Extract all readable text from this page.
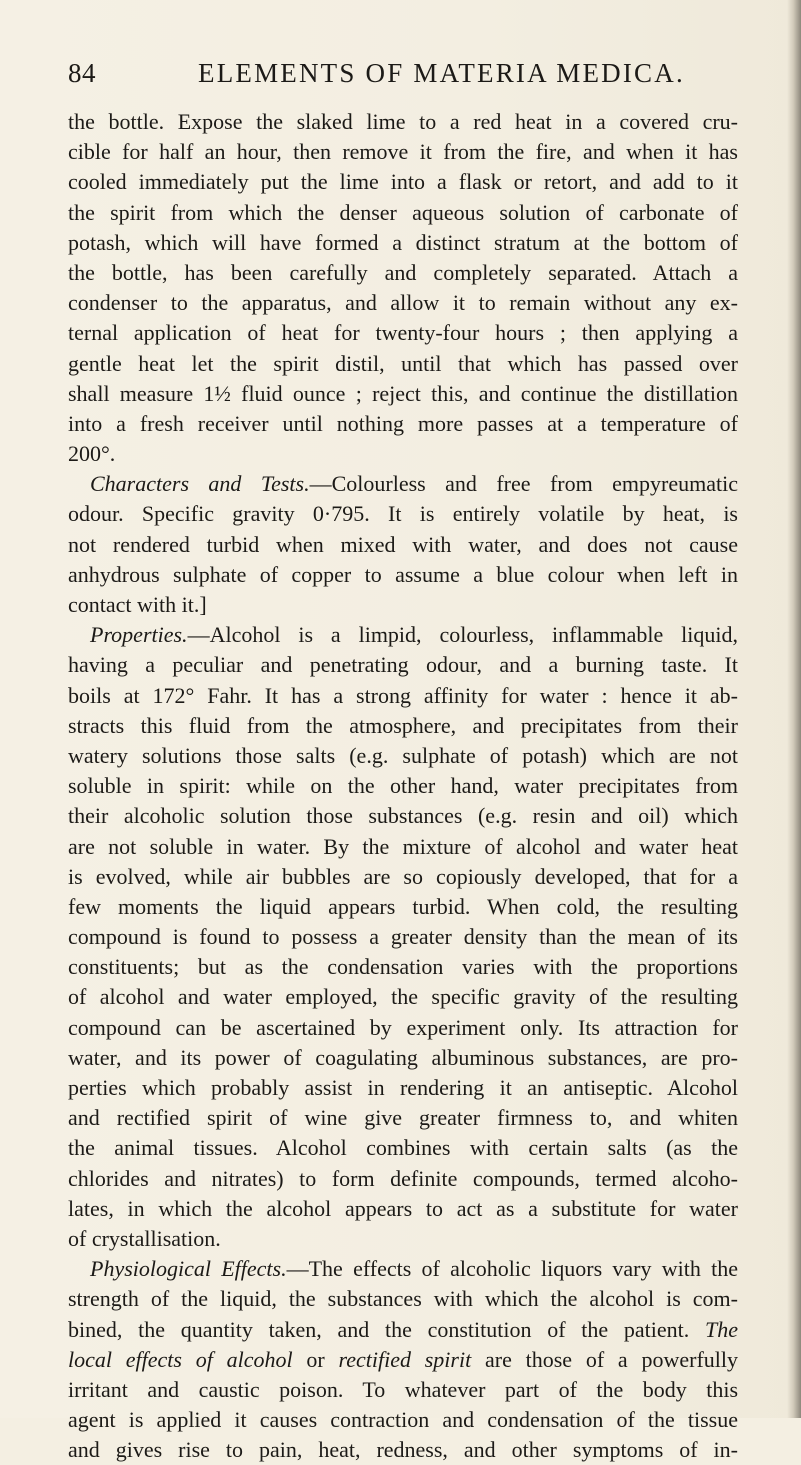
84	ELEMENTS OF MATERIA MEDICA.
the bottle. Expose the slaked lime to a red heat in a covered cru-
cible for half an hour, then remove it from the fire, and when it has
cooled immediately put the lime into a flask or retort, and add to it
the spirit from which the denser aqueous solution of carbonate of
potash, which will have formed a distinct stratum at the bottom of
the bottle, has been carefully and completely separated. Attach a
condenser to the apparatus, and allow it to remain without any ex-
ternal application of heat for twenty-four hours ; then applying a
gentle heat let the spirit distil, until that which has passed over
shall measure 1½ fluid ounce ; reject this, and continue the distillation
into a fresh receiver until nothing more passes at a temperature of
200°.
Characters and Tests.—Colourless and free from empyreumatic
odour. Specific gravity 0·795. It is entirely volatile by heat, is
not rendered turbid when mixed with water, and does not cause
anhydrous sulphate of copper to assume a blue colour when left in
contact with it.]
Properties.—Alcohol is a limpid, colourless, inflammable liquid,
having a peculiar and penetrating odour, and a burning taste. It
boils at 172° Fahr. It has a strong affinity for water : hence it ab-
stracts this fluid from the atmosphere, and precipitates from their
watery solutions those salts (e.g. sulphate of potash) which are not
soluble in spirit: while on the other hand, water precipitates from
their alcoholic solution those substances (e.g. resin and oil) which
are not soluble in water. By the mixture of alcohol and water heat
is evolved, while air bubbles are so copiously developed, that for a
few moments the liquid appears turbid. When cold, the resulting
compound is found to possess a greater density than the mean of its
constituents; but as the condensation varies with the proportions
of alcohol and water employed, the specific gravity of the resulting
compound can be ascertained by experiment only. Its attraction for
water, and its power of coagulating albuminous substances, are pro-
perties which probably assist in rendering it an antiseptic. Alcohol
and rectified spirit of wine give greater firmness to, and whiten
the animal tissues. Alcohol combines with certain salts (as the
chlorides and nitrates) to form definite compounds, termed alcoho-
lates, in which the alcohol appears to act as a substitute for water
of crystallisation.
Physiological Effects.—The effects of alcoholic liquors vary with the
strength of the liquid, the substances with which the alcohol is com-
bined, the quantity taken, and the constitution of the patient. The
local effects of alcohol or rectified spirit are those of a powerfully
irritant and caustic poison. To whatever part of the body this
agent is applied it causes contraction and condensation of the tissue
and gives rise to pain, heat, redness, and other symptoms of in-
